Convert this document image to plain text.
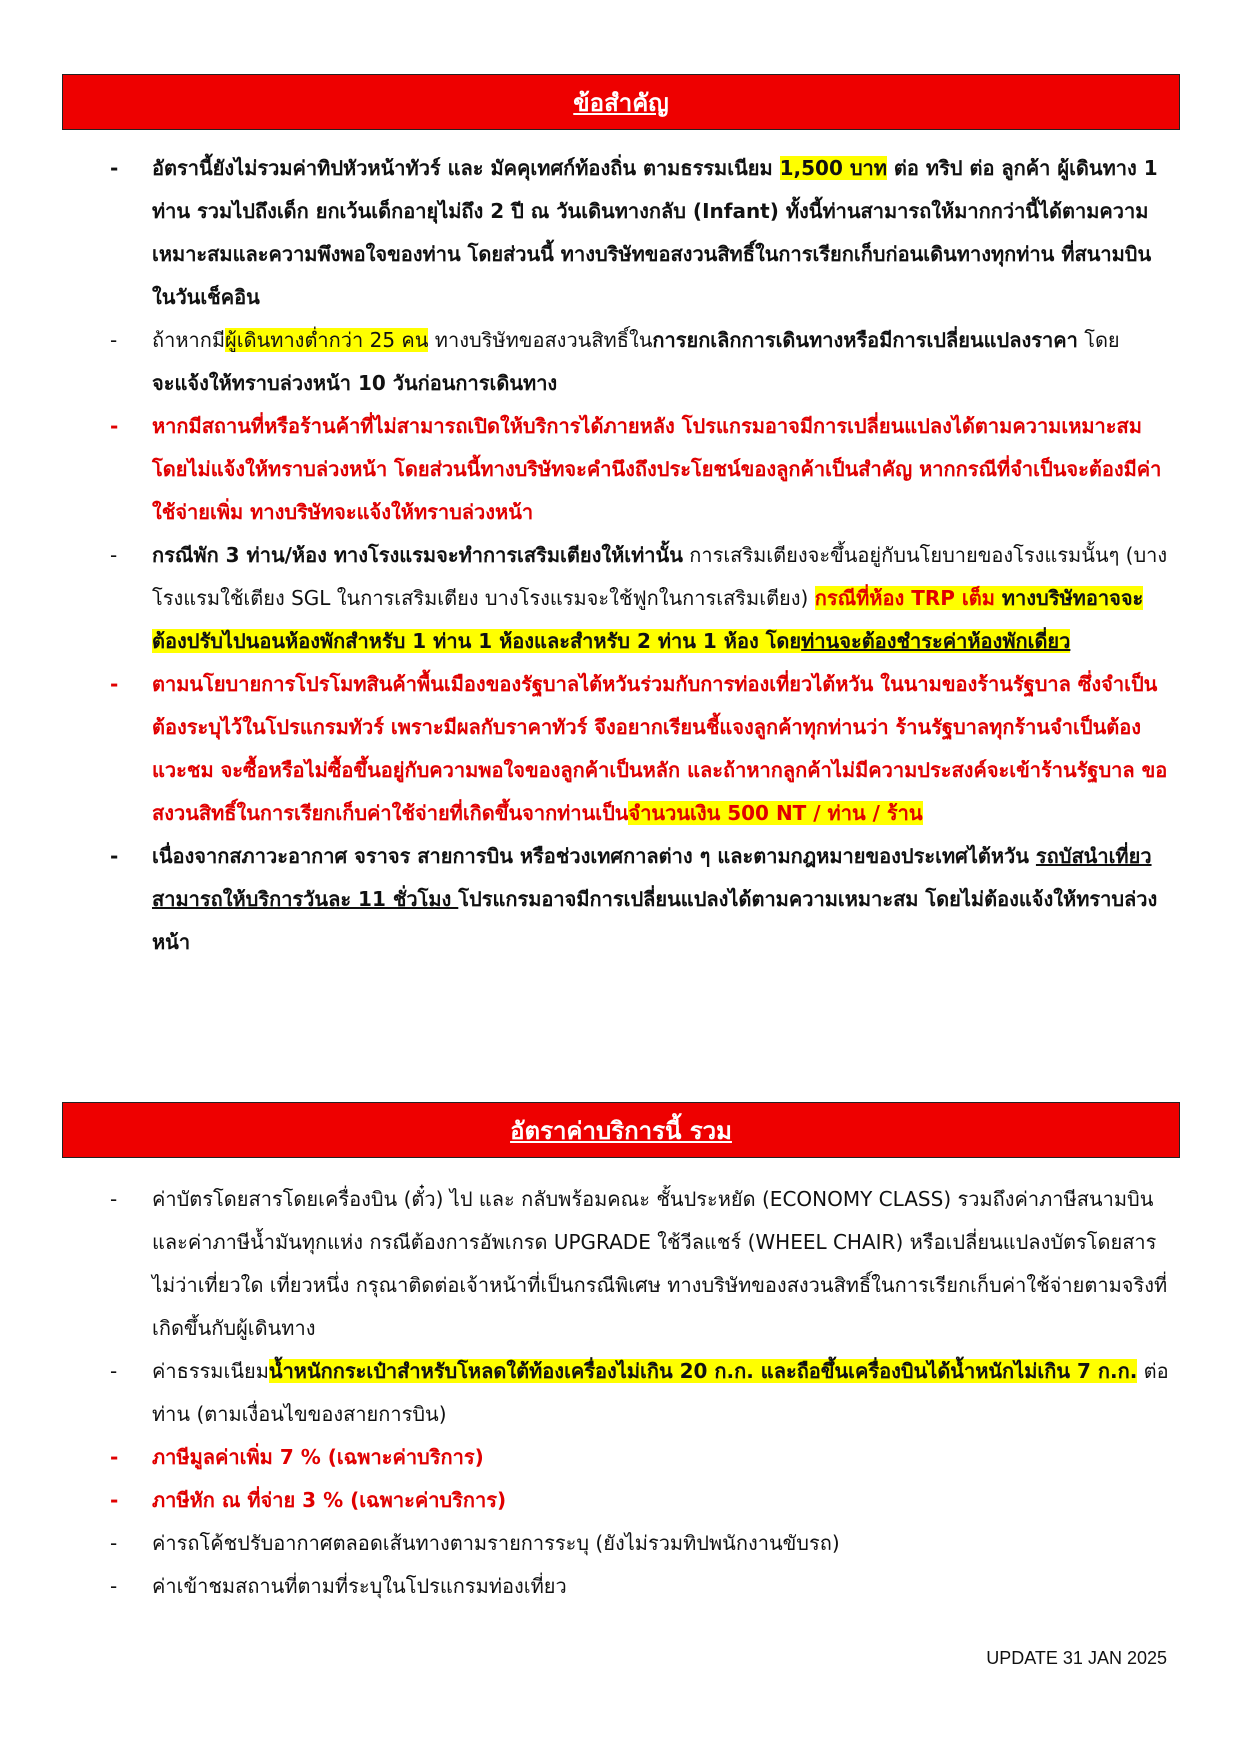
ข้อสำคัญ
- อัตรานี้ยังไม่รวมค่าทิปหัวหน้าทัวร์ และ มัคคุเทศก์ท้องถิ่น ตามธรรมเนียม 1,500 บาท ต่อ ทริป ต่อ ลูกค้า ผู้เดินทาง 1 ท่าน รวมไปถึงเด็ก ยกเว้นเด็กอายุไม่ถึง 2 ปี ณ วันเดินทางกลับ (Infant) ทั้งนี้ท่านสามารถให้มากกว่านี้ได้ตามความเหมาะสมและความพึงพอใจของท่าน โดยส่วนนี้ ทางบริษัทขอสงวนสิทธิ์ในการเรียกเก็บก่อนเดินทางทุกท่าน ที่สนามบิน ในวันเช็คอิน
- ถ้าหากมีผู้เดินทางต่ำกว่า 25 คน ทางบริษัทขอสงวนสิทธิ์ในการยกเลิกการเดินทางหรือมีการเปลี่ยนแปลงราคา โดยจะแจ้งให้ทราบล่วงหน้า 10 วันก่อนการเดินทาง
- หากมีสถานที่หรือร้านค้าที่ไม่สามารถเปิดให้บริการได้ภายหลัง โปรแกรมอาจมีการเปลี่ยนแปลงได้ตามความเหมาะสม โดยไม่แจ้งให้ทราบล่วงหน้า โดยส่วนนี้ทางบริษัทจะคำนึงถึงประโยชน์ของลูกค้าเป็นสำคัญ หากกรณีที่จำเป็นจะต้องมีค่าใช้จ่ายเพิ่ม ทางบริษัทจะแจ้งให้ทราบล่วงหน้า
- กรณีพัก 3 ท่าน/ห้อง ทางโรงแรมจะทำการเสริมเตียงให้เท่านั้น การเสริมเตียงจะขึ้นอยู่กับนโยบายของโรงแรมนั้นๆ (บางโรงแรมใช้เตียง SGL ในการเสริมเตียง บางโรงแรมจะใช้ฟูกในการเสริมเตียง) กรณีที่ห้อง TRP เต็ม ทางบริษัทอาจจะต้องปรับไปนอนห้องพักสำหรับ 1 ท่าน 1 ห้องและสำหรับ 2 ท่าน 1 ห้อง โดยท่านจะต้องชำระค่าห้องพักเดี่ยว
- ตามนโยบายการโปรโมทสินค้าพื้นเมืองของรัฐบาลไต้หวันร่วมกับการท่องเที่ยวไต้หวัน ในนามของร้านรัฐบาล ซึ่งจำเป็นต้องระบุไว้ในโปรแกรมทัวร์ เพราะมีผลกับราคาทัวร์ จึงอยากเรียนชี้แจงลูกค้าทุกท่านว่า ร้านรัฐบาลทุกร้านจำเป็นต้องแวะชม จะซื้อหรือไม่ซื้อขึ้นอยู่กับความพอใจของลูกค้าเป็นหลัก และถ้าหากลูกค้าไม่มีความประสงค์จะเข้าร้านรัฐบาล ขอสงวนสิทธิ์ในการเรียกเก็บค่าใช้จ่ายที่เกิดขึ้นจากท่านเป็นจำนวนเงิน 500 NT / ท่าน / ร้าน
- เนื่องจากสภาวะอากาศ จราจร สายการบิน หรือช่วงเทศกาลต่าง ๆ และตามกฎหมายของประเทศไต้หวัน รถบัสนำเที่ยวสามารถให้บริการวันละ 11 ชั่วโมง โปรแกรมอาจมีการเปลี่ยนแปลงได้ตามความเหมาะสม โดยไม่ต้องแจ้งให้ทราบล่วงหน้า
อัตราค่าบริการนี้ รวม
- ค่าบัตรโดยสารโดยเครื่องบิน (ตั๋ว) ไป และ กลับพร้อมคณะ ชั้นประหยัด (ECONOMY CLASS) รวมถึงค่าภาษีสนามบินและค่าภาษีน้ำมันทุกแห่ง กรณีต้องการอัพเกรด UPGRADE ใช้วีลแชร์ (WHEEL CHAIR) หรือเปลี่ยนแปลงบัตรโดยสาร ไม่ว่าเที่ยวใด เที่ยวหนึ่ง กรุณาติดต่อเจ้าหน้าที่เป็นกรณีพิเศษ ทางบริษัทของสงวนสิทธิ์ในการเรียกเก็บค่าใช้จ่ายตามจริงที่เกิดขึ้นกับผู้เดินทาง
- ค่าธรรมเนียมน้ำหนักกระเป๋าสำหรับโหลดใต้ท้องเครื่องไม่เกิน 20 ก.ก. และถือขึ้นเครื่องบินได้น้ำหนักไม่เกิน 7 ก.ก. ต่อท่าน (ตามเงื่อนไขของสายการบิน)
- ภาษีมูลค่าเพิ่ม 7 % (เฉพาะค่าบริการ)
- ภาษีหัก ณ ที่จ่าย 3 % (เฉพาะค่าบริการ)
- ค่ารถโค้ชปรับอากาศตลอดเส้นทางตามรายการระบุ (ยังไม่รวมทิปพนักงานขับรถ)
- ค่าเข้าชมสถานที่ตามที่ระบุในโปรแกรมท่องเที่ยว
UPDATE 31 JAN 2025
